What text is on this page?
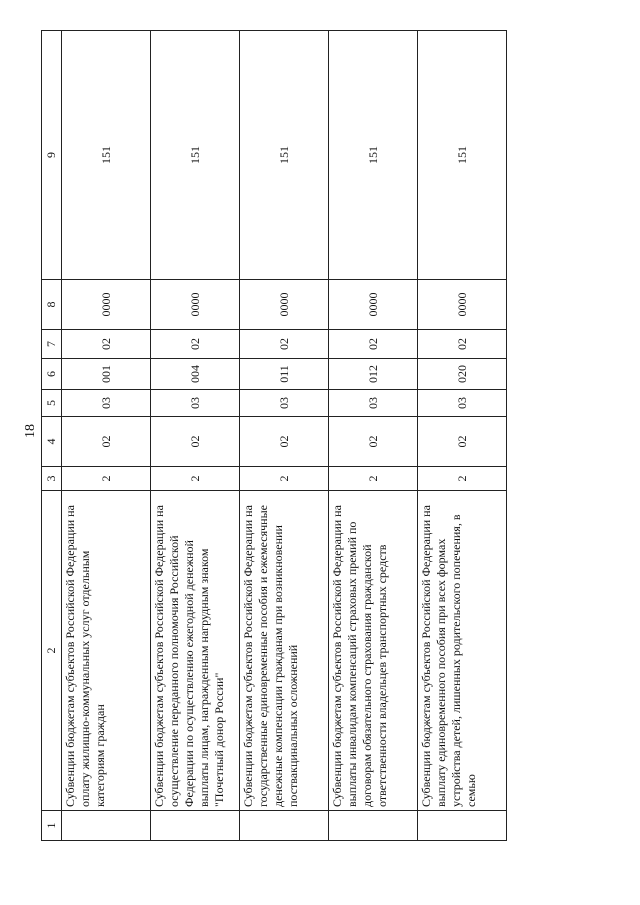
18
1	2	3	4	5	6	7	8	9
	Субвенции бюджетам субъектов Российской Федерации на оплату жилищно-коммунальных услуг отдельным категориям граждан	2	02	03	001	02	0000	151
	Субвенции бюджетам субъектов Российской Федерации на осуществление переданного полномочия Российской Федерации по осуществлению ежегодной денежной выплаты лицам, награжденным нагрудным знаком "Почетный донор России"	2	02	03	004	02	0000	151
	Субвенции бюджетам субъектов Российской Федерации на государственные единовременные пособия и ежемесячные денежные компенсации гражданам при возникновении поствакцинальных осложнений	2	02	03	011	02	0000	151
	Субвенции бюджетам субъектов Российской Федерации на выплаты инвалидам компенсаций страховых премий по договорам обязательного страхования гражданской ответственности владельцев транспортных средств	2	02	03	012	02	0000	151
	Субвенции бюджетам субъектов Российской Федерации на выплату единовременного пособия при всех формах устройства детей, лишенных родительского попечения, в семью	2	02	03	020	02	0000	151
